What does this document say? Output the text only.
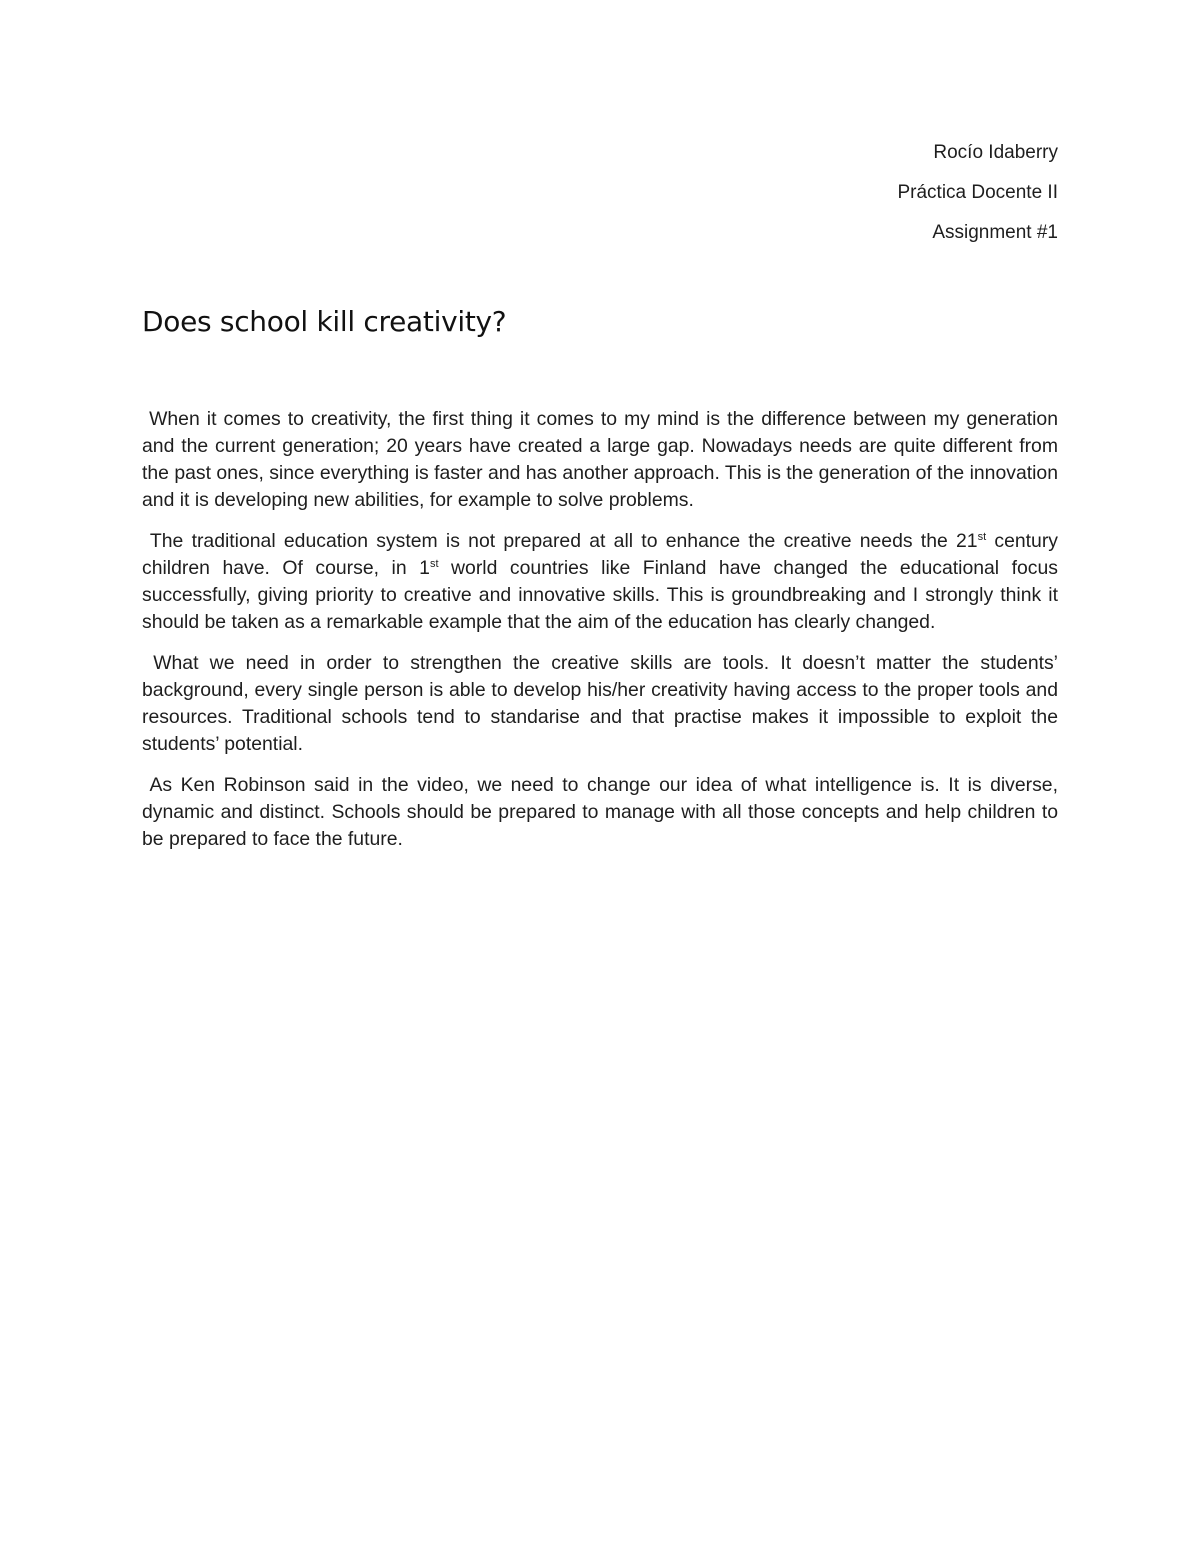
Rocío Idaberry
Práctica Docente II
Assignment #1
Does school kill creativity?

When it comes to creativity, the first thing it comes to my mind is the difference between my generation and the current generation; 20 years have created a large gap. Nowadays needs are quite different from the past ones, since everything is faster and has another approach. This is the generation of the innovation and it is developing new abilities, for example to solve problems.

The traditional education system is not prepared at all to enhance the creative needs the 21st century children have. Of course, in 1st world countries like Finland have changed the educational focus successfully, giving priority to creative and innovative skills. This is groundbreaking and I strongly think it should be taken as a remarkable example that the aim of the education has clearly changed.

What we need in order to strengthen the creative skills are tools. It doesn’t matter the students’ background, every single person is able to develop his/her creativity having access to the proper tools and resources. Traditional schools tend to standarise and that practise makes it impossible to exploit the students’ potential.

As Ken Robinson said in the video, we need to change our idea of what intelligence is. It is diverse, dynamic and distinct. Schools should be prepared to manage with all those concepts and help children to be prepared to face the future.
